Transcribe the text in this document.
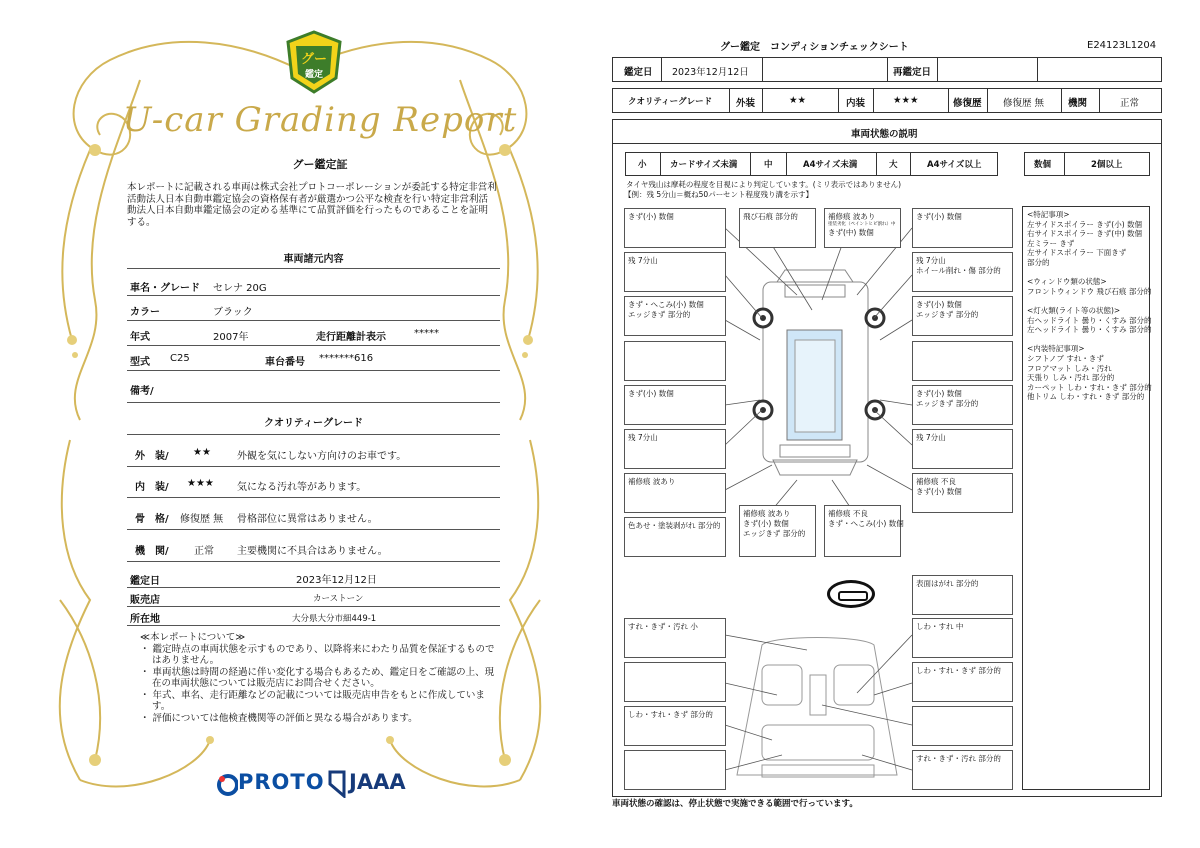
グー
鑑定
U-car Grading Report
グー鑑定証
本レポートに記載される車両は株式会社プロトコーポレーションが委託する特定非営利活動法人日本自動車鑑定協会の資格保有者が厳選かつ公平な検査を行い特定非営利活動法人日本自動車鑑定協会の定める基準にて品質評価を行ったものであることを証明する。
車両諸元内容
車名・グレード セレナ 20G
カラー	ブラック
年式	2007年	走行距離計表示	*****
型式 C25	車台番号 *******616
備考/
クオリティーグレード
外　装/ ★★	外観を気にしない方向けのお車です。
内　装/ ★★★ 気になる汚れ等があります。
骨　格/ 修復歴 無 骨格部位に異常はありません。
機　関/	正常 主要機関に不具合はありません。
鑑定日	2023年12月12日
販売店	カーストーン
所在地	大分県大分市細449-1
≪本レポートについて≫
・ 鑑定時点の車両状態を示すものであり、以降将来にわたり品質を保証するものではありません。
・ 車両状態は時間の経過に伴い変化する場合もあるため、鑑定日をご確認の上、現在の車両状態については販売店にお問合せください。
・ 年式、車名、走行距離などの記載については販売店申告をもとに作成しています。
・ 評価については他検査機関等の評価と異なる場合があります。
PROTO JAAA
グー鑑定　コンディションチェックシート	E24123L1204
鑑定日 2023年12月12日	再鑑定日
クオリティーグレード	外装	★★	内装	★★★	修復歴 修復歴 無	機関	正常
車両状態の説明
小	カードサイズ未満	中	A4サイズ未満	大	A4サイズ以上	数個	2個以上
タイヤ残山は摩耗の程度を目視により判定しています。(ミリ表示ではありません)
【例：残 5分山＝概ね50パーセント程度残り溝を示す】
きず(小) 数個	飛び石痕 部分的	補修痕 波あり
塗装劣化（ペイントヒビ割れ）中
きず(中) 数個
きず(小) 数個
残 7分山	残 7分山
ホイール削れ・傷 部分的
きず・へこみ(小) 数個
エッジきず 部分的
きず(小) 数個
エッジきず 部分的
きず(小) 数個	きず(小) 数個
エッジきず 部分的
残 7分山	残 7分山
補修痕 波あり	補修痕 不良
きず(小) 数個
色あせ・塗装剥がれ 部分的
補修痕 波あり
きず(小) 数個
エッジきず 部分的
補修痕 不良
きず・へこみ(小) 数個
表面はがれ 部分的
すれ・きず・汚れ 小	しわ・すれ 中
しわ・すれ・きず 部分的
しわ・すれ・きず 部分的
すれ・きず・汚れ 部分的
<特記事項>
左サイドスポイラー きず(小) 数個
右サイドスポイラー きず(中) 数個
左ミラー きず
左サイドスポイラー 下面きず
部分的

<ウィンドウ類の状態>
フロントウィンドウ 飛び石痕 部分的

<灯火類(ライト等の状態)>
右ヘッドライト 曇り・くすみ 部分的
左ヘッドライト 曇り・くすみ 部分的

<内装特記事項>
シフトノブ すれ・きず
フロアマット しみ・汚れ
天張り しみ・汚れ 部分的
カーペット しわ・すれ・きず 部分的
他トリム しわ・すれ・きず 部分的
車両状態の確認は、停止状態で実施できる範囲で行っています。
